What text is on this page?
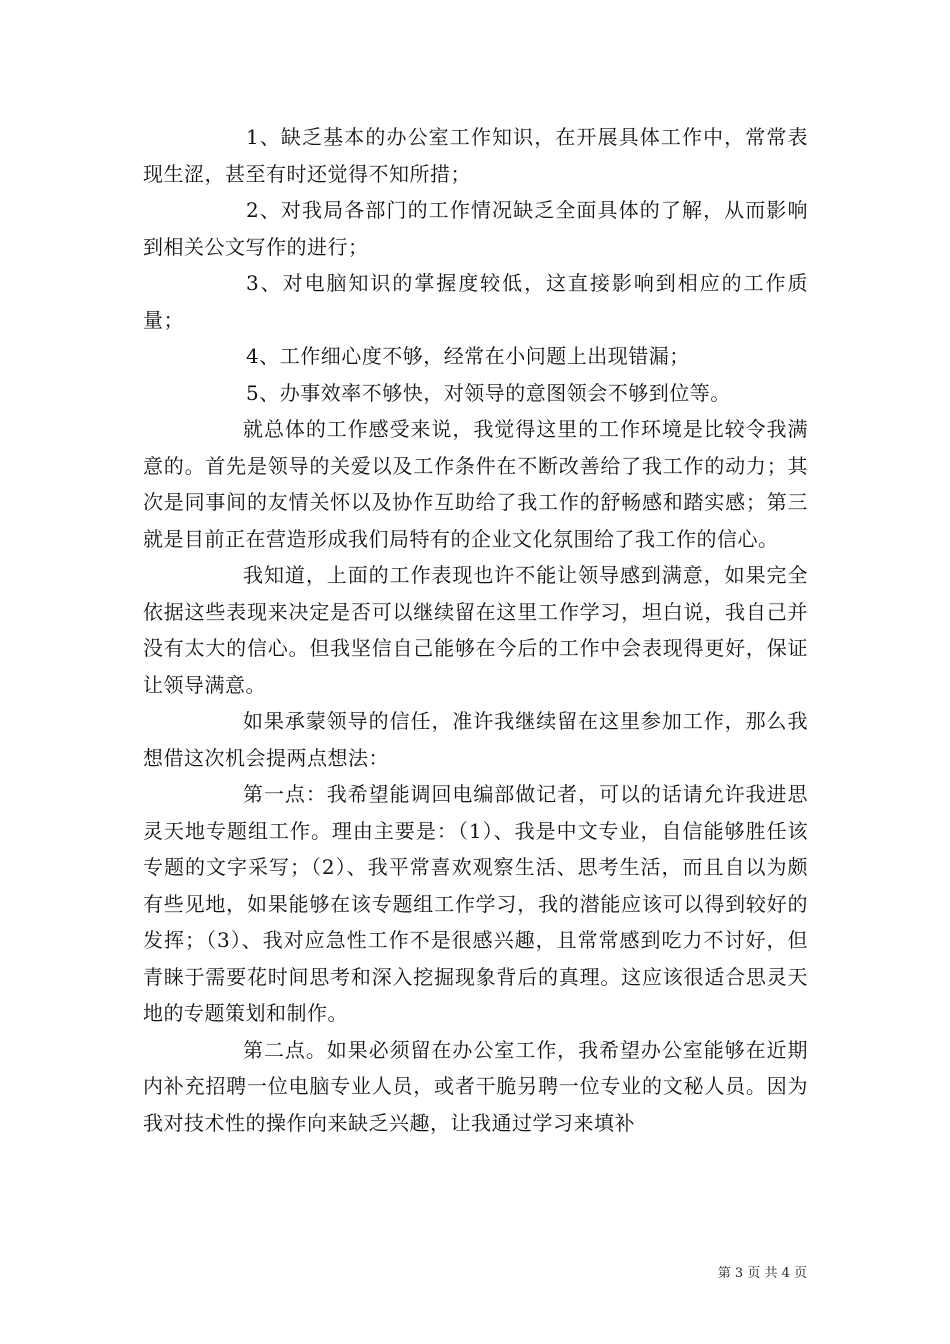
1、缺乏基本的办公室工作知识，在开展具体工作中，常常表现生涩，甚至有时还觉得不知所措；

2、对我局各部门的工作情况缺乏全面具体的了解，从而影响到相关公文写作的进行；

3、对电脑知识的掌握度较低，这直接影响到相应的工作质量；

4、工作细心度不够，经常在小问题上出现错漏；

5、办事效率不够快，对领导的意图领会不够到位等。

就总体的工作感受来说，我觉得这里的工作环境是比较令我满意的。首先是领导的关爱以及工作条件在不断改善给了我工作的动力；其次是同事间的友情关怀以及协作互助给了我工作的舒畅感和踏实感；第三就是目前正在营造形成我们局特有的企业文化氛围给了我工作的信心。

我知道，上面的工作表现也许不能让领导感到满意，如果完全依据这些表现来决定是否可以继续留在这里工作学习，坦白说，我自己并没有太大的信心。但我坚信自己能够在今后的工作中会表现得更好，保证让领导满意。

如果承蒙领导的信任，准许我继续留在这里参加工作，那么我想借这次机会提两点想法：

第一点：我希望能调回电编部做记者，可以的话请允许我进思灵天地专题组工作。理由主要是：（1）、我是中文专业，自信能够胜任该专题的文字采写；（2）、我平常喜欢观察生活、思考生活，而且自以为颇有些见地，如果能够在该专题组工作学习，我的潜能应该可以得到较好的发挥；（3）、我对应急性工作不是很感兴趣，且常常感到吃力不讨好，但青睐于需要花时间思考和深入挖掘现象背后的真理。这应该很适合思灵天地的专题策划和制作。

第二点。如果必须留在办公室工作，我希望办公室能够在近期内补充招聘一位电脑专业人员，或者干脆另聘一位专业的文秘人员。因为我对技术性的操作向来缺乏兴趣，让我通过学习来填补

第 3 页 共 4 页
